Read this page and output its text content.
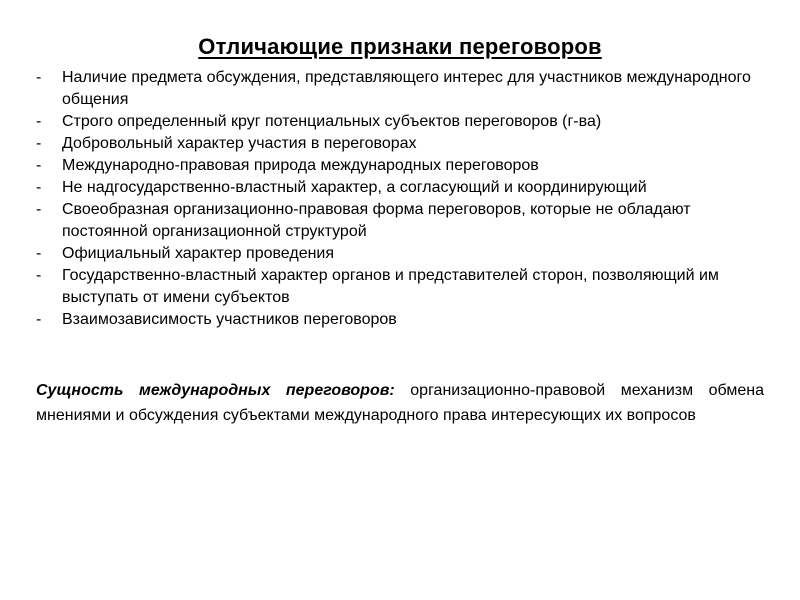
Отличающие признаки переговоров
- Наличие предмета обсуждения, представляющего интерес для участников международного общения
- Строго определенный круг потенциальных субъектов переговоров (г-ва)
- Добровольный характер участия в переговорах
- Международно-правовая природа международных переговоров
- Не надгосударственно-властный характер, а согласующий и координирующий
- Своеобразная организационно-правовая форма переговоров, которые не обладают постоянной организационной структурой
- Официальный характер проведения
- Государственно-властный характер органов и представителей сторон, позволяющий им выступать от имени субъектов
- Взаимозависимость участников переговоров

Сущность международных переговоров: организационно-правовой механизм обмена мнениями и обсуждения субъектами международного права интересующих их вопросов
